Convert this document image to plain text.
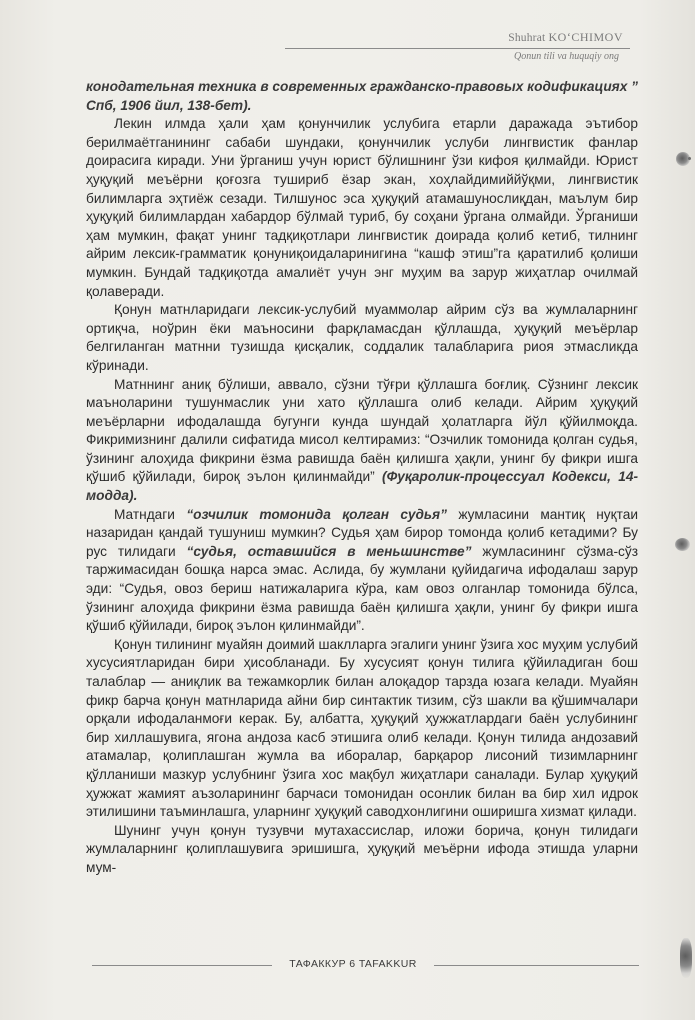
Shuhrat KO‘CHIMOV
Qonun tili va huquqiy ong

конодательная техника в современных гражданско-правовых кодификациях ” Спб, 1906 йил, 138-бет).

Лекин илмда ҳали ҳам қонунчилик услубига етарли даражада эътибор берилмаётганининг сабаби шундаки, қонунчилик услуби лингвистик фанлар доирасига киради. Уни ўрганиш учун юрист бўлишнинг ўзи кифоя қилмайди. Юрист ҳуқуқий меъёрни қоғозга тушириб ёзар экан, хоҳлайдимиййўқми, лингвистик билимларга эҳтиёж сезади. Тилшунос эса ҳуқуқий атамашунослиқдан, маълум бир ҳуқуқий билимлардан хабардор бўлмай туриб, бу соҳани ўргана олмайди. Ўрганиши ҳам мумкин, фақат унинг тадқиқотлари лингвистик доирада қолиб кетиб, тилнинг айрим лексик-грамматик қонуниқоидаларинигина “кашф этиш”га қаратилиб қолиши мумкин. Бундай тадқиқотда амалиёт учун энг муҳим ва зарур жиҳатлар очилмай қолаверади.

Қонун матнларидаги лексик-услубий муаммолар айрим сўз ва жумлаларнинг ортиқча, ноўрин ёки маъносини фарқламасдан қўллашда, ҳуқуқий меъёрлар белгиланган матнни тузишда қисқалик, соддалик талабларига риоя этмасликда кўринади.

Матннинг аниқ бўлиши, аввало, сўзни тўғри қўллашга боғлиқ. Сўзнинг лексик маъноларини тушунмаслик уни хато қўллашга олиб келади. Айрим ҳуқуқий меъёрларни ифодалашда бугунги кунда шундай ҳолатларга йўл қўйилмоқда. Фикримизнинг далили сифатида мисол келтирамиз: “Озчилик томонида қолган судья, ўзининг алоҳида фикрини ёзма равишда баён қилишга ҳақли, унинг бу фикри ишга қўшиб қўйилади, бироқ эълон қилинмайди” (Фуқаролик-процессуал Кодекси, 14-модда).

Матндаги “озчилик томонида қолган судья” жумласини мантиқ нуқтаи назаридан қандай тушуниш мумкин? Судья ҳам бирор томонда қолиб кетадими? Бу рус тилидаги “судья, оставшийся в меньшинстве” жумласининг сўзма-сўз таржимасидан бошқа нарса эмас. Аслида, бу жумлани қуйидагича ифодалаш зарур эди: “Судья, овоз бериш натижаларига кўра, кам овоз олганлар томонида бўлса, ўзининг алоҳида фикрини ёзма равишда баён қилишга ҳақли, унинг бу фикри ишга қўшиб қўйилади, бироқ эълон қилинмайди”.

Қонун тилининг муайян доимий шаклларга эгалиги унинг ўзига хос муҳим услубий хусусиятларидан бири ҳисобланади. Бу хусусият қонун тилига қўйиладиган бош талаблар — аниқлик ва тежамкорлик билан алоқадор тарзда юзага келади. Муайян фикр барча қонун матнларида айни бир синтактик тизим, сўз шакли ва қўшимчалари орқали ифодаланмоғи керак. Бу, албатта, ҳуқуқий ҳужжатлардаги баён услубининг бир хиллашувига, ягона андоза касб этишига олиб келади. Қонун тилида андозавий атамалар, қолиплашган жумла ва иборалар, барқарор лисоний тизимларнинг қўлланиши мазкур услубнинг ўзига хос мақбул жиҳатлари саналади. Булар ҳуқуқий ҳужжат жамият аъзоларининг барчаси томонидан осонлик билан ва бир хил идрок этилишини таъминлашга, уларнинг ҳуқуқий саводхонлигини оширишга хизмат қилади.

Шунинг учун қонун тузувчи мутахассислар, иложи борича, қонун тилидаги жумлаларнинг қолиплашувига эришишга, ҳуқуқий меъёрни ифода этишда уларни мум-

ТАФАККУР 6 TAFAKKUR
